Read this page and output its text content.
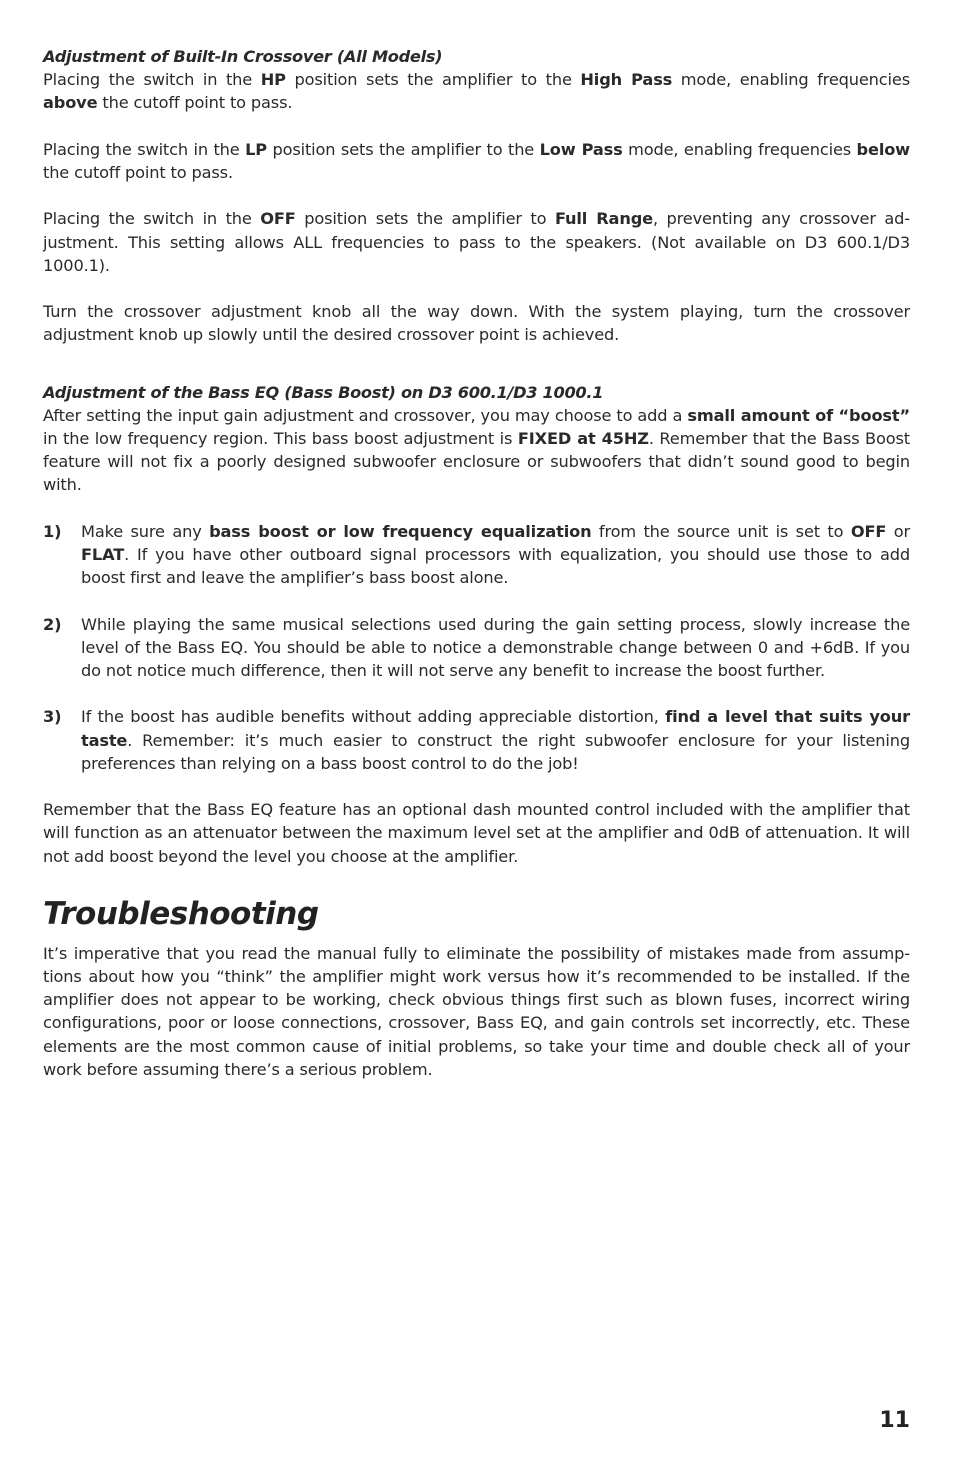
Adjustment of Built-In Crossover (All Models)

Placing the switch in the HP position sets the amplifier to the High Pass mode, enabling frequencies above the cutoff point to pass.

Placing the switch in the LP position sets the amplifier to the Low Pass mode, enabling frequencies below the cutoff point to pass.

Placing the switch in the OFF position sets the amplifier to Full Range, preventing any crossover ad-justment. This setting allows ALL frequencies to pass to the speakers. (Not available on D3 600.1/D3 1000.1).

Turn the crossover adjustment knob all the way down. With the system playing, turn the crossover adjustment knob up slowly until the desired crossover point is achieved.

Adjustment of the Bass EQ (Bass Boost) on D3 600.1/D3 1000.1

After setting the input gain adjustment and crossover, you may choose to add a small amount of “boost” in the low frequency region. This bass boost adjustment is FIXED at 45HZ. Remember that the Bass Boost feature will not fix a poorly designed subwoofer enclosure or subwoofers that didn’t sound good to begin with.

1) Make sure any bass boost or low frequency equalization from the source unit is set to OFF or FLAT. If you have other outboard signal processors with equalization, you should use those to add boost first and leave the amplifier’s bass boost alone.

2) While playing the same musical selections used during the gain setting process, slowly increase the level of the Bass EQ. You should be able to notice a demonstrable change between 0 and +6dB. If you do not notice much difference, then it will not serve any benefit to increase the boost further.

3) If the boost has audible benefits without adding appreciable distortion, find a level that suits your taste. Remember: it’s much easier to construct the right subwoofer enclosure for your listening preferences than relying on a bass boost control to do the job!

Remember that the Bass EQ feature has an optional dash mounted control included with the amplifier that will function as an attenuator between the maximum level set at the amplifier and 0dB of attenuation. It will not add boost beyond the level you choose at the amplifier.

Troubleshooting

It’s imperative that you read the manual fully to eliminate the possibility of mistakes made from assump-tions about how you “think” the amplifier might work versus how it’s recommended to be installed. If the amplifier does not appear to be working, check obvious things first such as blown fuses, incorrect wiring configurations, poor or loose connections, crossover, Bass EQ, and gain controls set incorrectly, etc. These elements are the most common cause of initial problems, so take your time and double check all of your work before assuming there’s a serious problem.

11
